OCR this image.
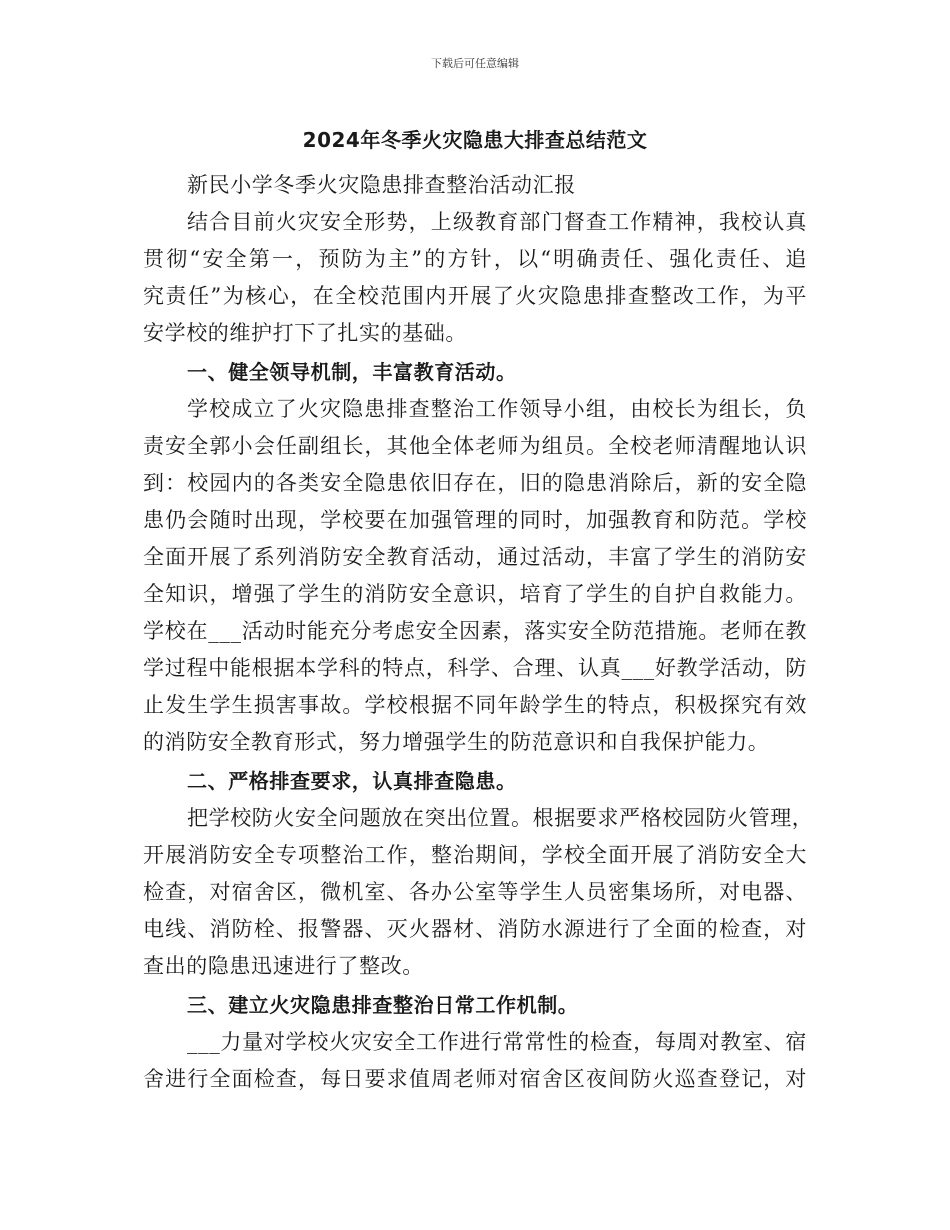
下载后可任意编辑
2024年冬季火灾隐患大排查总结范文
新民小学冬季火灾隐患排查整治活动汇报
结合目前火灾安全形势，上级教育部门督查工作精神，我校认真
贯彻“安全第一，预防为主”的方针，以“明确责任、强化责任、追
究责任”为核心，在全校范围内开展了火灾隐患排查整改工作，为平
安学校的维护打下了扎实的基础。
一、健全领导机制，丰富教育活动。
学校成立了火灾隐患排查整治工作领导小组，由校长为组长，负
责安全郭小会任副组长，其他全体老师为组员。全校老师清醒地认识
到：校园内的各类安全隐患依旧存在，旧的隐患消除后，新的安全隐
患仍会随时出现，学校要在加强管理的同时，加强教育和防范。学校
全面开展了系列消防安全教育活动，通过活动，丰富了学生的消防安
全知识，增强了学生的消防安全意识，培育了学生的自护自救能力。
学校在___活动时能充分考虑安全因素，落实安全防范措施。老师在教
学过程中能根据本学科的特点，科学、合理、认真___好教学活动，防
止发生学生损害事故。学校根据不同年龄学生的特点，积极探究有效
的消防安全教育形式，努力增强学生的防范意识和自我保护能力。
二、严格排查要求，认真排查隐患。
把学校防火安全问题放在突出位置。根据要求严格校园防火管理，
开展消防安全专项整治工作，整治期间，学校全面开展了消防安全大
检查，对宿舍区，微机室、各办公室等学生人员密集场所，对电器、
电线、消防栓、报警器、灭火器材、消防水源进行了全面的检查，对
查出的隐患迅速进行了整改。
三、建立火灾隐患排查整治日常工作机制。
___力量对学校火灾安全工作进行常常性的检查，每周对教室、宿
舍进行全面检查，每日要求值周老师对宿舍区夜间防火巡查登记，对
